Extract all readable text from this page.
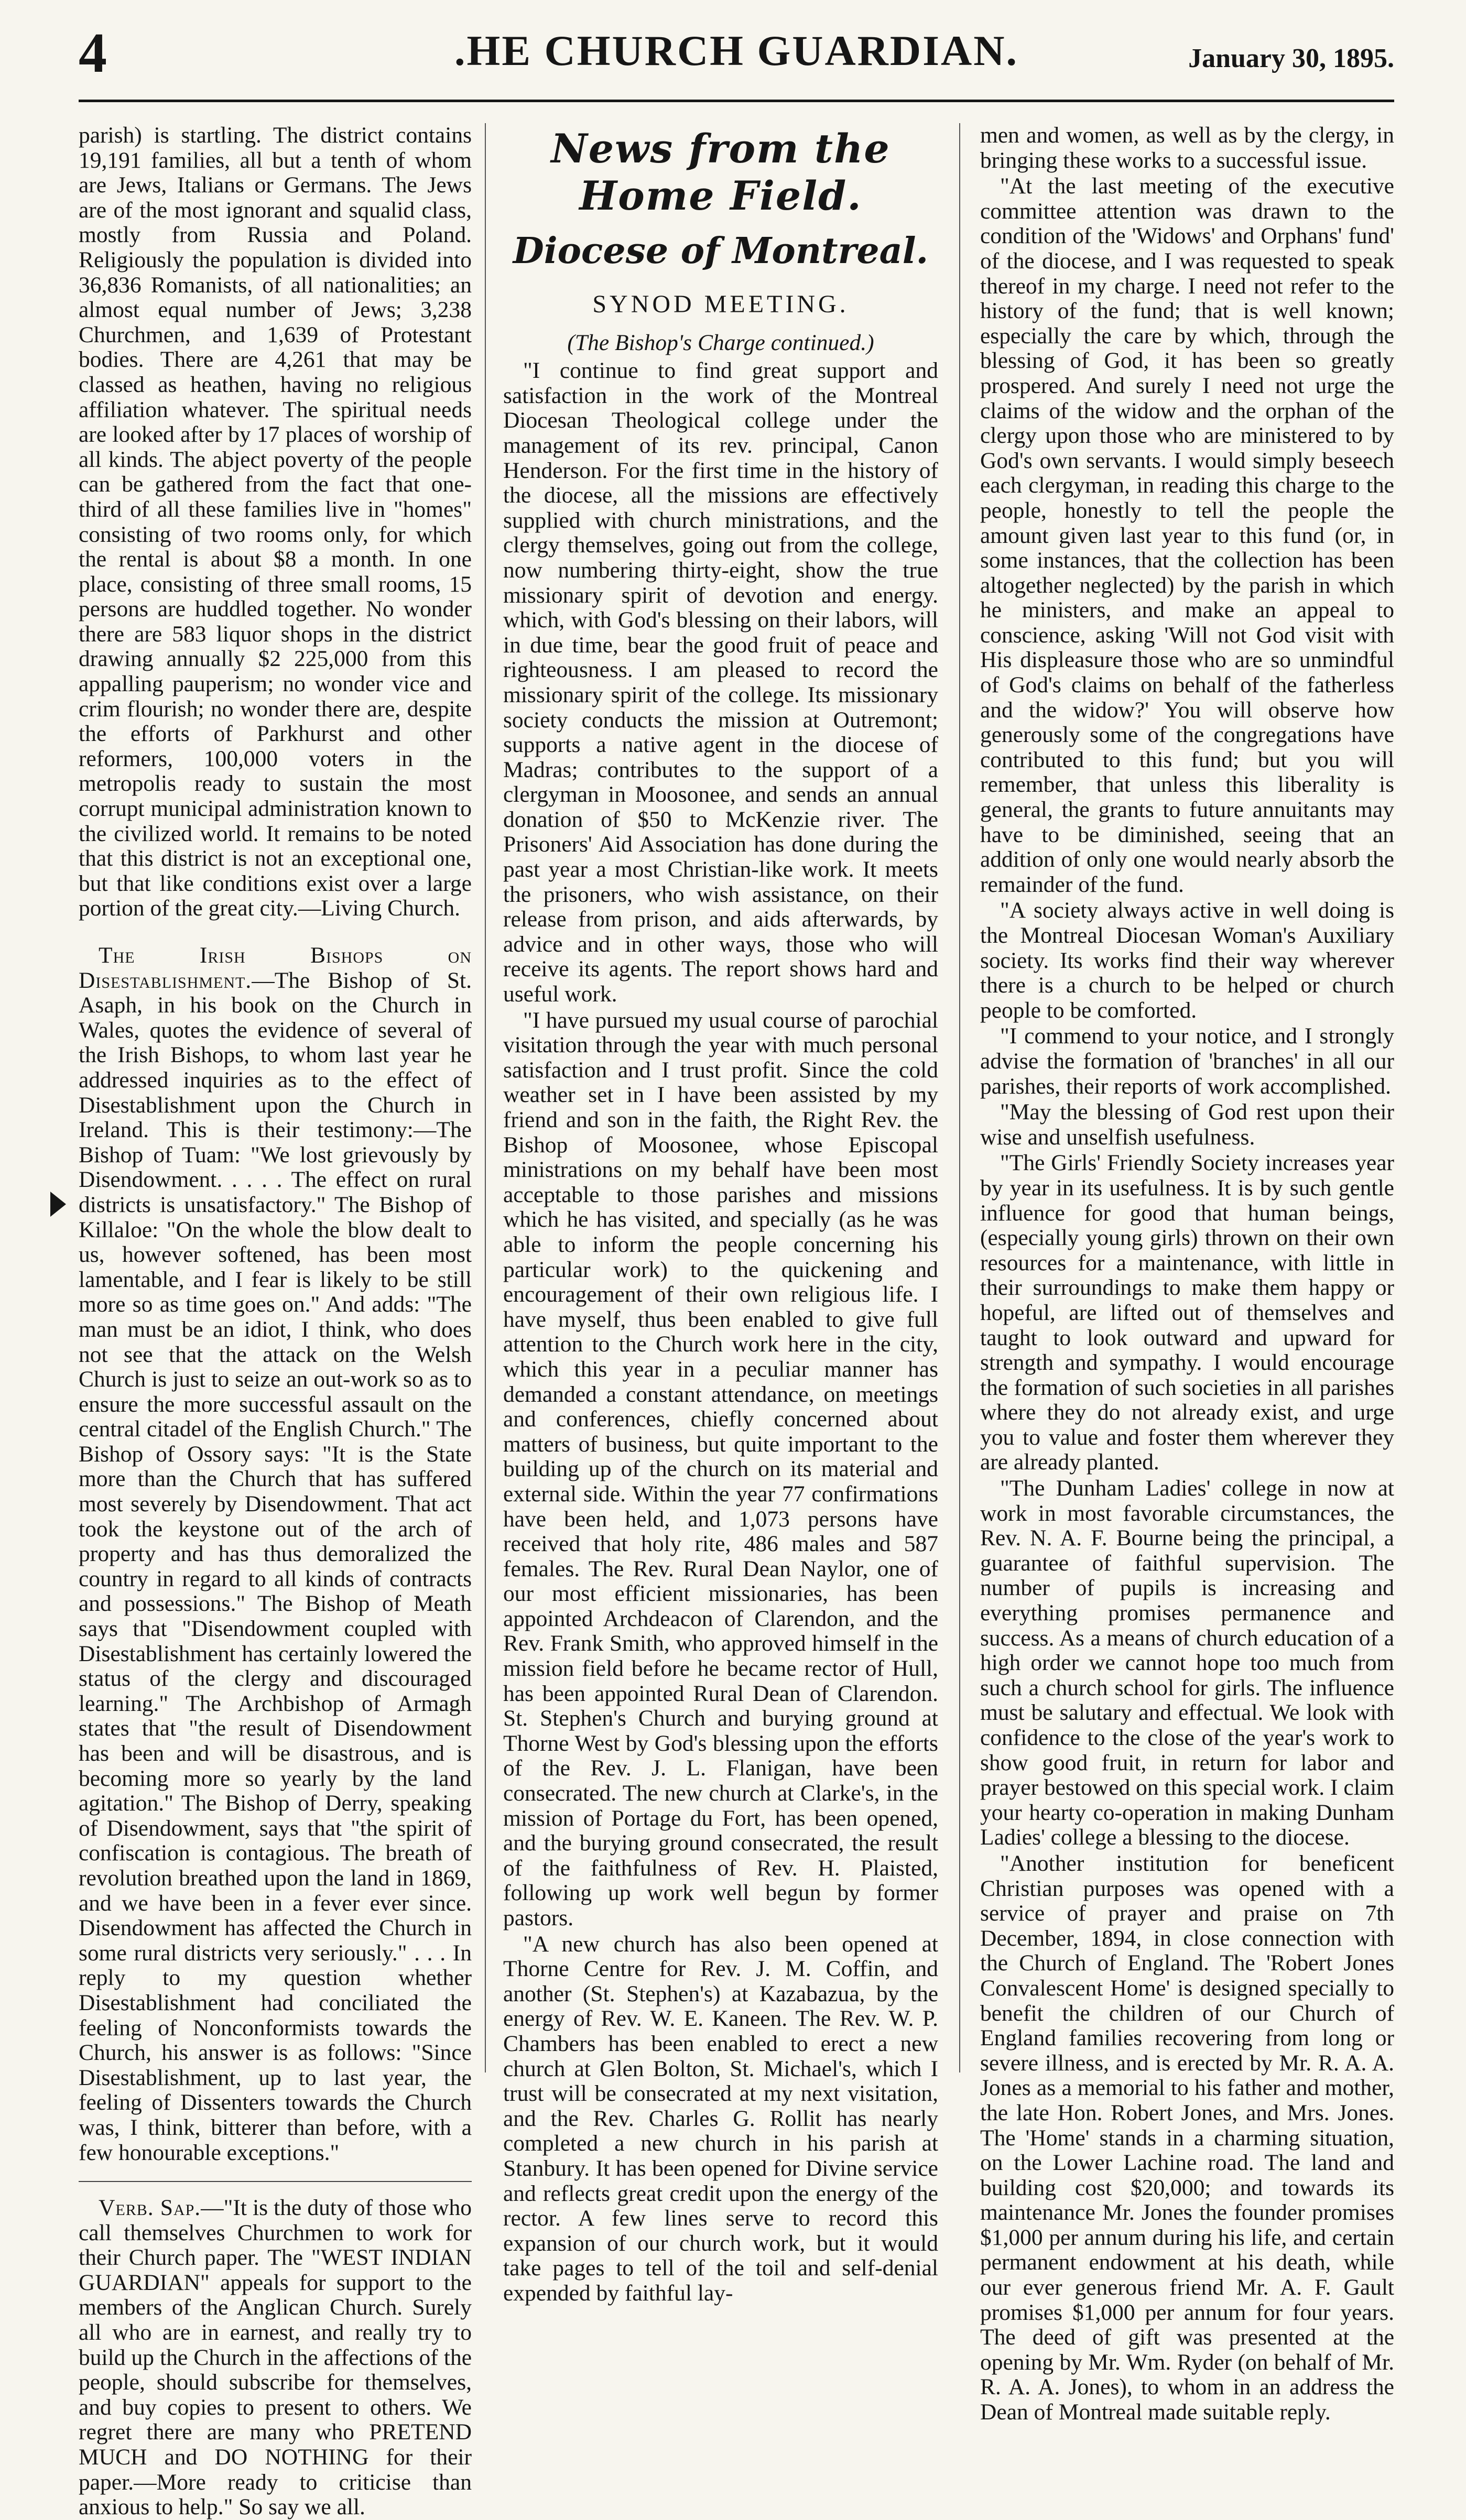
4	.HE CHURCH GUARDIAN.	January 30, 1895.

parish) is startling. The district contains 19,191 families, all but a tenth of whom are Jews, Italians or Germans. The Jews are of the most ignorant and squalid class, mostly from Russia and Poland. Religiously the population is divided into 36,836 Romanists, of all nationalities; an almost equal number of Jews; 3,238 Churchmen, and 1,639 of Protestant bodies. There are 4,261 that may be classed as heathen, having no religious affiliation whatever. The spiritual needs are looked after by 17 places of worship of all kinds. The abject poverty of the people can be gathered from the fact that one-third of all these families live in "homes" consisting of two rooms only, for which the rental is about $8 a month. In one place, consisting of three small rooms, 15 persons are huddled together. No wonder there are 583 liquor shops in the district drawing annually $2 225,000 from this appalling pauperism; no wonder vice and crim flourish; no wonder there are, despite the efforts of Parkhurst and other reformers, 100,000 voters in the metropolis ready to sustain the most corrupt municipal administration known to the civilized world. It remains to be noted that this district is not an exceptional one, but that like conditions exist over a large portion of the great city.—Living Church.

The Irish Bishops on Disestablishment.—The Bishop of St. Asaph, in his book on the Church in Wales, quotes the evidence of several of the Irish Bishops, to whom last year he addressed inquiries as to the effect of Disestablishment upon the Church in Ireland. This is their testimony:—The Bishop of Tuam: "We lost grievously by Disendowment. . . . . The effect on rural districts is unsatisfactory." The Bishop of Killaloe: "On the whole the blow dealt to us, however softened, has been most lamentable, and I fear is likely to be still more so as time goes on." And adds: "The man must be an idiot, I think, who does not see that the attack on the Welsh Church is just to seize an out-work so as to ensure the more successful assault on the central citadel of the English Church." The Bishop of Ossory says: "It is the State more than the Church that has suffered most severely by Disendowment. That act took the keystone out of the arch of property and has thus demoralized the country in regard to all kinds of contracts and possessions." The Bishop of Meath says that "Disendowment coupled with Disestablishment has certainly lowered the status of the clergy and discouraged learning." The Archbishop of Armagh states that "the result of Disendowment has been and will be disastrous, and is becoming more so yearly by the land agitation." The Bishop of Derry, speaking of Disendowment, says that "the spirit of confiscation is contagious. The breath of revolution breathed upon the land in 1869, and we have been in a fever ever since. Disendowment has affected the Church in some rural districts very seriously." . . . In reply to my question whether Disestablishment had conciliated the feeling of Nonconformists towards the Church, his answer is as follows: "Since Disestablishment, up to last year, the feeling of Dissenters towards the Church was, I think, bitterer than before, with a few honourable exceptions."

Verb. Sap.—"It is the duty of those who call themselves Churchmen to work for their Church paper. The "WEST INDIAN GUARDIAN" appeals for support to the members of the Anglican Church. Surely all who are in earnest, and really try to build up the Church in the affections of the people, should subscribe for themselves, and buy copies to present to others. We regret there are many who PRETEND MUCH and DO NOTHING for their paper.—More ready to criticise than anxious to help." So say we all.

News from the Home Field.
Diocese of Montreal.
SYNOD MEETING.
(The Bishop's Charge continued.)

"I continue to find great support and satisfaction in the work of the Montreal Diocesan Theological college under the management of its rev. principal, Canon Henderson. For the first time in the history of the diocese, all the missions are effectively supplied with church ministrations, and the clergy themselves, going out from the college, now numbering thirty-eight, show the true missionary spirit of devotion and energy. which, with God's blessing on their labors, will in due time, bear the good fruit of peace and righteousness. I am pleased to record the missionary spirit of the college. Its missionary society conducts the mission at Outremont; supports a native agent in the diocese of Madras; contributes to the support of a clergyman in Moosonee, and sends an annual donation of $50 to McKenzie river. The Prisoners' Aid Association has done during the past year a most Christian-like work. It meets the prisoners, who wish assistance, on their release from prison, and aids afterwards, by advice and in other ways, those who will receive its agents. The report shows hard and useful work.

"I have pursued my usual course of parochial visitation through the year with much personal satisfaction and I trust profit. Since the cold weather set in I have been assisted by my friend and son in the faith, the Right Rev. the Bishop of Moosonee, whose Episcopal ministrations on my behalf have been most acceptable to those parishes and missions which he has visited, and specially (as he was able to inform the people concerning his particular work) to the quickening and encouragement of their own religious life. I have myself, thus been enabled to give full attention to the Church work here in the city, which this year in a peculiar manner has demanded a constant attendance, on meetings and conferences, chiefly concerned about matters of business, but quite important to the building up of the church on its material and external side. Within the year 77 confirmations have been held, and 1,073 persons have received that holy rite, 486 males and 587 females. The Rev. Rural Dean Naylor, one of our most efficient missionaries, has been appointed Archdeacon of Clarendon, and the Rev. Frank Smith, who approved himself in the mission field before he became rector of Hull, has been appointed Rural Dean of Clarendon. St. Stephen's Church and burying ground at Thorne West by God's blessing upon the efforts of the Rev. J. L. Flanigan, have been consecrated. The new church at Clarke's, in the mission of Portage du Fort, has been opened, and the burying ground consecrated, the result of the faithfulness of Rev. H. Plaisted, following up work well begun by former pastors.

"A new church has also been opened at Thorne Centre for Rev. J. M. Coffin, and another (St. Stephen's) at Kazabazua, by the energy of Rev. W. E. Kaneen. The Rev. W. P. Chambers has been enabled to erect a new church at Glen Bolton, St. Michael's, which I trust will be consecrated at my next visitation, and the Rev. Charles G. Rollit has nearly completed a new church in his parish at Stanbury. It has been opened for Divine service and reflects great credit upon the energy of the rector. A few lines serve to record this expansion of our church work, but it would take pages to tell of the toil and self-denial expended by faithful lay-

men and women, as well as by the clergy, in bringing these works to a successful issue.

"At the last meeting of the executive committee attention was drawn to the condition of the 'Widows' and Orphans' fund' of the diocese, and I was requested to speak thereof in my charge. I need not refer to the history of the fund; that is well known; especially the care by which, through the blessing of God, it has been so greatly prospered. And surely I need not urge the claims of the widow and the orphan of the clergy upon those who are ministered to by God's own servants. I would simply beseech each clergyman, in reading this charge to the people, honestly to tell the people the amount given last year to this fund (or, in some instances, that the collection has been altogether neglected) by the parish in which he ministers, and make an appeal to conscience, asking 'Will not God visit with His displeasure those who are so unmindful of God's claims on behalf of the fatherless and the widow?' You will observe how generously some of the congregations have contributed to this fund; but you will remember, that unless this liberality is general, the grants to future annuitants may have to be diminished, seeing that an addition of only one would nearly absorb the remainder of the fund.

"A society always active in well doing is the Montreal Diocesan Woman's Auxiliary society. Its works find their way wherever there is a church to be helped or church people to be comforted.

"I commend to your notice, and I strongly advise the formation of 'branches' in all our parishes, their reports of work accomplished.

"May the blessing of God rest upon their wise and unselfish usefulness.

"The Girls' Friendly Society increases year by year in its usefulness. It is by such gentle influence for good that human beings, (especially young girls) thrown on their own resources for a maintenance, with little in their surroundings to make them happy or hopeful, are lifted out of themselves and taught to look outward and upward for strength and sympathy. I would encourage the formation of such societies in all parishes where they do not already exist, and urge you to value and foster them wherever they are already planted.

"The Dunham Ladies' college in now at work in most favorable circumstances, the Rev. N. A. F. Bourne being the principal, a guarantee of faithful supervision. The number of pupils is increasing and everything promises permanence and success. As a means of church education of a high order we cannot hope too much from such a church school for girls. The influence must be salutary and effectual. We look with confidence to the close of the year's work to show good fruit, in return for labor and prayer bestowed on this special work. I claim your hearty co-operation in making Dunham Ladies' college a blessing to the diocese.

"Another institution for beneficent Christian purposes was opened with a service of prayer and praise on 7th December, 1894, in close connection with the Church of England. The 'Robert Jones Convalescent Home' is designed specially to benefit the children of our Church of England families recovering from long or severe illness, and is erected by Mr. R. A. A. Jones as a memorial to his father and mother, the late Hon. Robert Jones, and Mrs. Jones. The 'Home' stands in a charming situation, on the Lower Lachine road. The land and building cost $20,000; and towards its maintenance Mr. Jones the founder promises $1,000 per annum during his life, and certain permanent endowment at his death, while our ever generous friend Mr. A. F. Gault promises $1,000 per annum for four years. The deed of gift was presented at the opening by Mr. Wm. Ryder (on behalf of Mr. R. A. A. Jones), to whom in an address the Dean of Montreal made suitable reply.
